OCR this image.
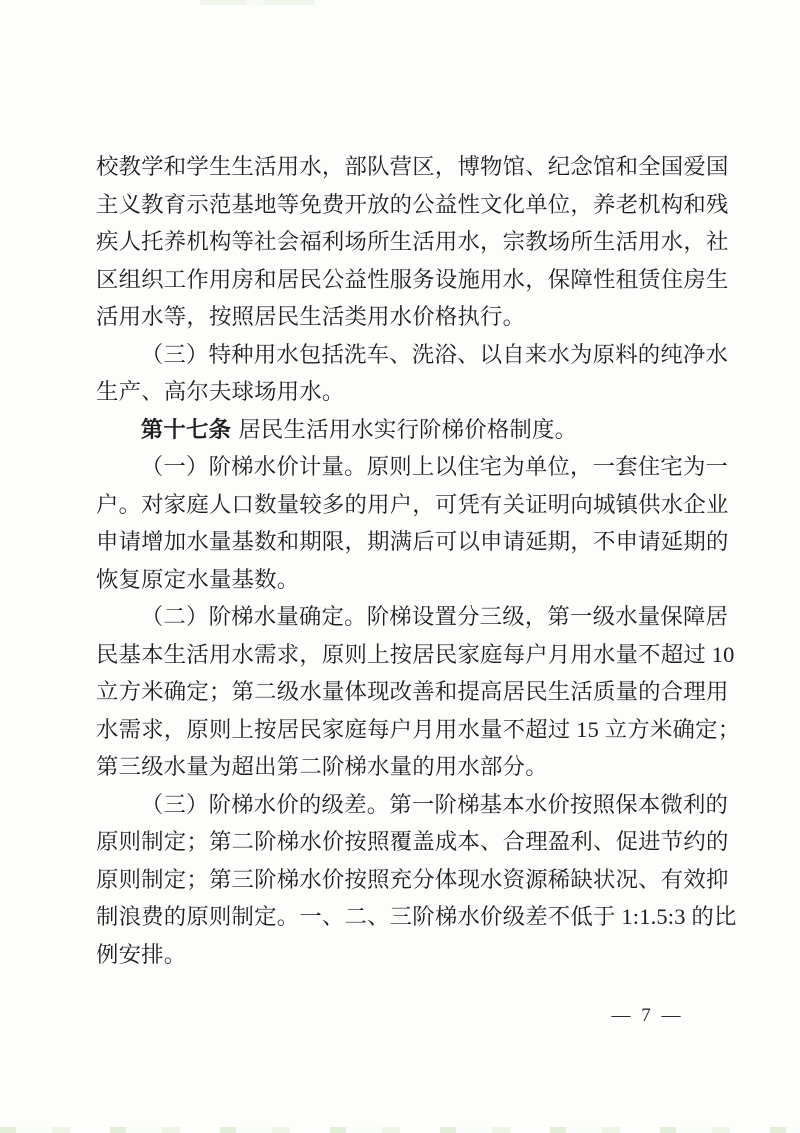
校教学和学生生活用水，部队营区，博物馆、纪念馆和全国爱国
主义教育示范基地等免费开放的公益性文化单位，养老机构和残
疾人托养机构等社会福利场所生活用水，宗教场所生活用水，社
区组织工作用房和居民公益性服务设施用水，保障性租赁住房生
活用水等，按照居民生活类用水价格执行。
（三）特种用水包括洗车、洗浴、以自来水为原料的纯净水
生产、高尔夫球场用水。
第十七条 居民生活用水实行阶梯价格制度。
（一）阶梯水价计量。原则上以住宅为单位，一套住宅为一
户。对家庭人口数量较多的用户，可凭有关证明向城镇供水企业
申请增加水量基数和期限，期满后可以申请延期，不申请延期的
恢复原定水量基数。
（二）阶梯水量确定。阶梯设置分三级，第一级水量保障居
民基本生活用水需求，原则上按居民家庭每户月用水量不超过 10
立方米确定；第二级水量体现改善和提高居民生活质量的合理用
水需求，原则上按居民家庭每户月用水量不超过 15 立方米确定；
第三级水量为超出第二阶梯水量的用水部分。
（三）阶梯水价的级差。第一阶梯基本水价按照保本微利的
原则制定；第二阶梯水价按照覆盖成本、合理盈利、促进节约的
原则制定；第三阶梯水价按照充分体现水资源稀缺状况、有效抑
制浪费的原则制定。一、二、三阶梯水价级差不低于 1:1.5:3 的比
例安排。
— 7 —
